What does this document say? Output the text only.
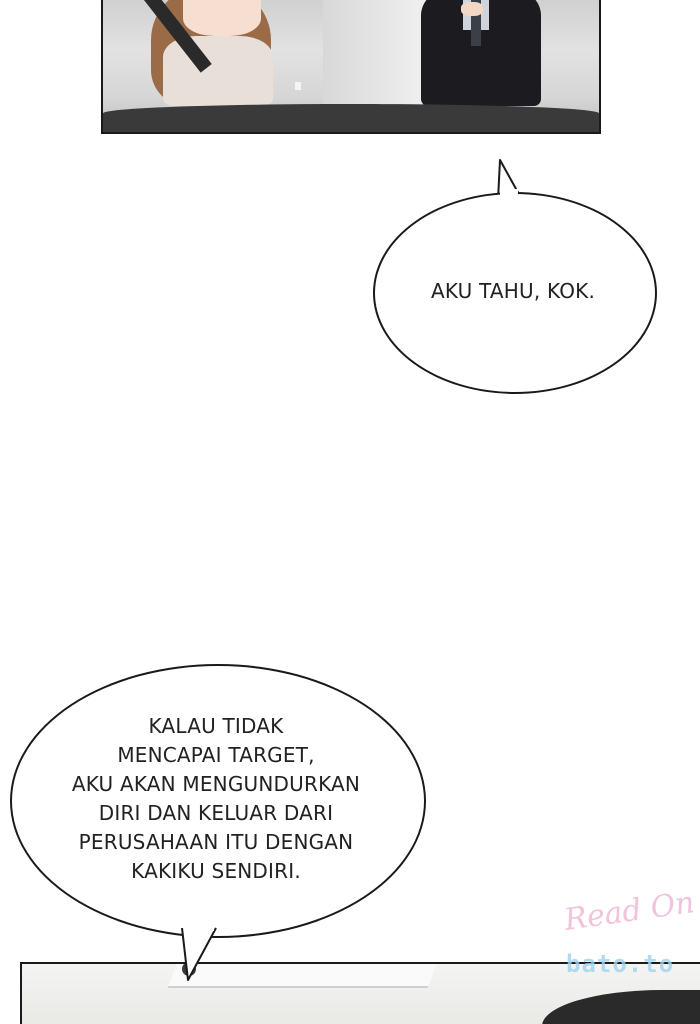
AKU TAHU, KOK.
KALAU TIDAK
MENCAPAI TARGET,
AKU AKAN MENGUNDURKAN
DIRI DAN KELUAR DARI
PERUSAHAAN ITU DENGAN
KAKIKU SENDIRI.
Read On
bato.to
